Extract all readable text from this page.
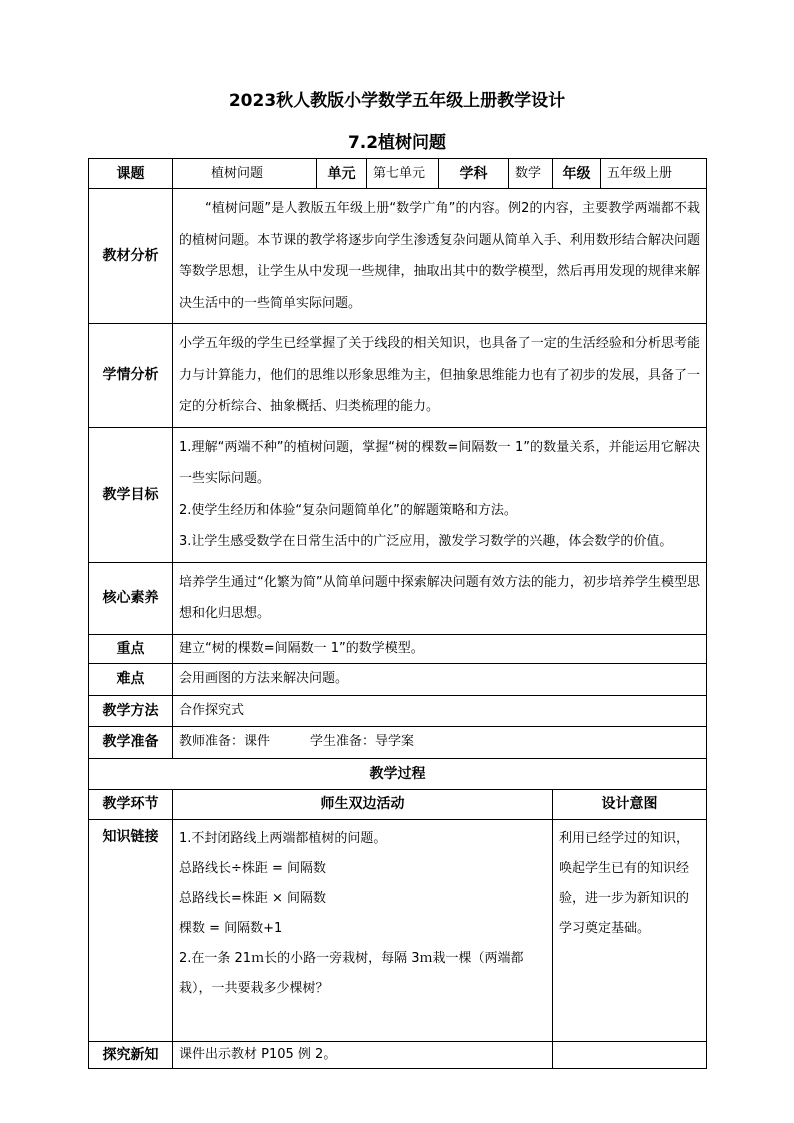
2023秋人教版小学数学五年级上册教学设计
7.2植树问题
课题	植树问题	单元	第七单元	学科	数学	年级	五年级上册
教材分析	“植树问题”是人教版五年级上册“数学广角”的内容。例2的内容，主要教学两端都不栽的植树问题。本节课的教学将逐步向学生渗透复杂问题从简单入手、利用数形结合解决问题等数学思想，让学生从中发现一些规律，抽取出其中的数学模型，然后再用发现的规律来解决生活中的一些简单实际问题。						

学情分析	小学五年级的学生已经掌握了关于线段的相关知识，也具备了一定的生活经验和分析思考能力与计算能力，他们的思维以形象思维为主，但抽象思维能力也有了初步的发展，具备了一定的分析综合、抽象概括、归类梳理的能力。						

教学目标	1.理解“两端不种”的植树问题，掌握“树的棵数=间隔数一 1”的数量关系，并能运用它解决一些实际问题。

2.使学生经历和体验“复杂问题简单化”的解题策略和方法。

3.让学生感受数学在日常生活中的广泛应用，激发学习数学的兴趣，体会数学的价值。						

核心素养	培养学生通过“化繁为简”从简单问题中探索解决问题有效方法的能力，初步培养学生模型思想和化归思想。						

重点	建立“树的棵数=间隔数一 1”的数学模型。						
难点	会用画图的方法来解决问题。						
教学方法	合作探究式						
教学准备	教师准备：课件 学生准备：导学案						
教学过程							
教学环节	师生双边活动					设计意图	
知识链接	1.不封闭路线上两端都植树的问题。

总路线长÷株距 = 间隔数

总路线长=株距 × 间隔数

棵数 = 间隔数+1

2.在一条 21ｍ长的小路一旁栽树，每隔 3ｍ栽一棵（两端都栽），一共要栽多少棵树？					利用已经学过的知识，唤起学生已有的知识经验，进一步为新知识的学习奠定基础。	

探究新知	课件出示教材 P105 例 2。						
